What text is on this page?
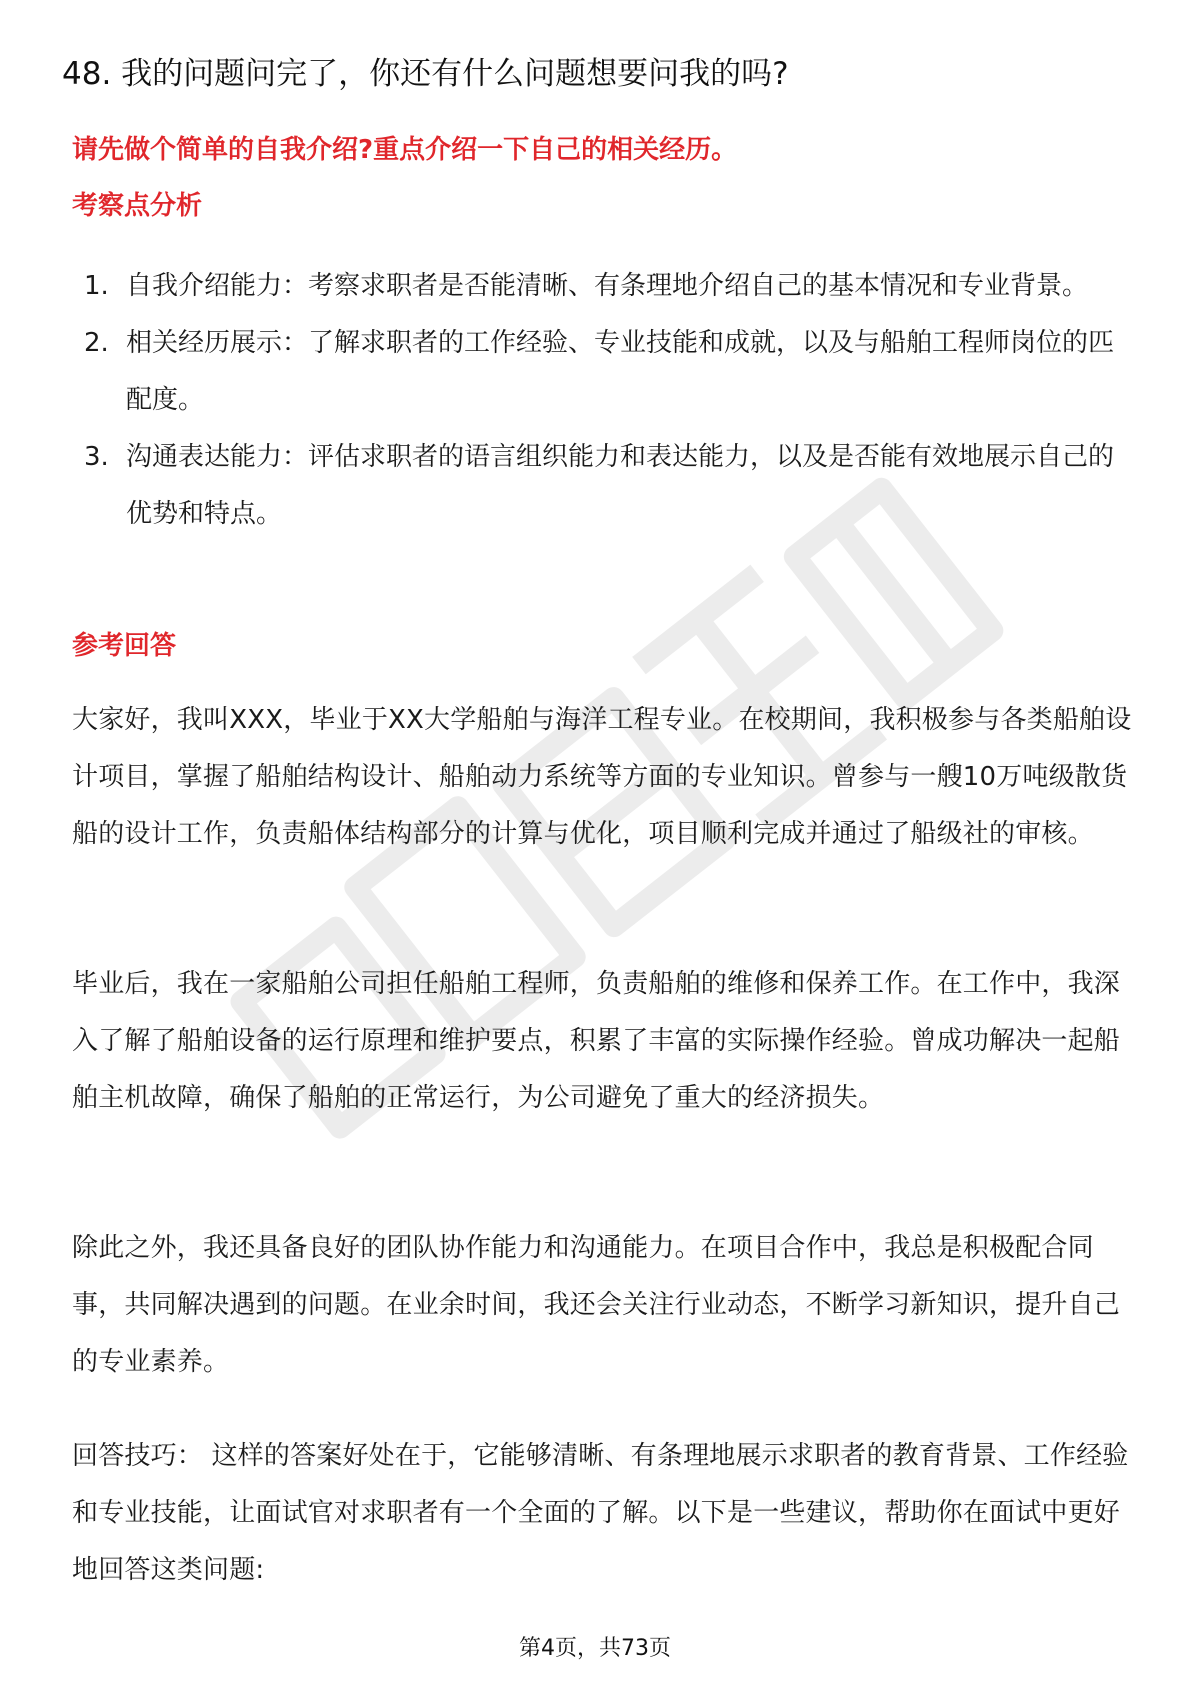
48. 我的问题问完了，你还有什么问题想要问我的吗?
请先做个简单的自我介绍?重点介绍一下自己的相关经历。
考察点分析
1. 自我介绍能力：考察求职者是否能清晰、有条理地介绍自己的基本情况和专业背景。
2. 相关经历展示：了解求职者的工作经验、专业技能和成就，以及与船舶工程师岗位的匹配度。
3. 沟通表达能力：评估求职者的语言组织能力和表达能力，以及是否能有效地展示自己的优势和特点。
参考回答

大家好，我叫XXX，毕业于XX大学船舶与海洋工程专业。在校期间，我积极参与各类船舶设计项目，掌握了船舶结构设计、船舶动力系统等方面的专业知识。曾参与一艘10万吨级散货船的设计工作，负责船体结构部分的计算与优化，项目顺利完成并通过了船级社的审核。

毕业后，我在一家船舶公司担任船舶工程师，负责船舶的维修和保养工作。在工作中，我深入了解了船舶设备的运行原理和维护要点，积累了丰富的实际操作经验。曾成功解决一起船舶主机故障，确保了船舶的正常运行，为公司避免了重大的经济损失。

除此之外，我还具备良好的团队协作能力和沟通能力。在项目合作中，我总是积极配合同事，共同解决遇到的问题。在业余时间，我还会关注行业动态，不断学习新知识，提升自己的专业素养。

回答技巧： 这样的答案好处在于，它能够清晰、有条理地展示求职者的教育背景、工作经验和专业技能，让面试官对求职者有一个全面的了解。以下是一些建议，帮助你在面试中更好地回答这类问题:

第4页，共73页
